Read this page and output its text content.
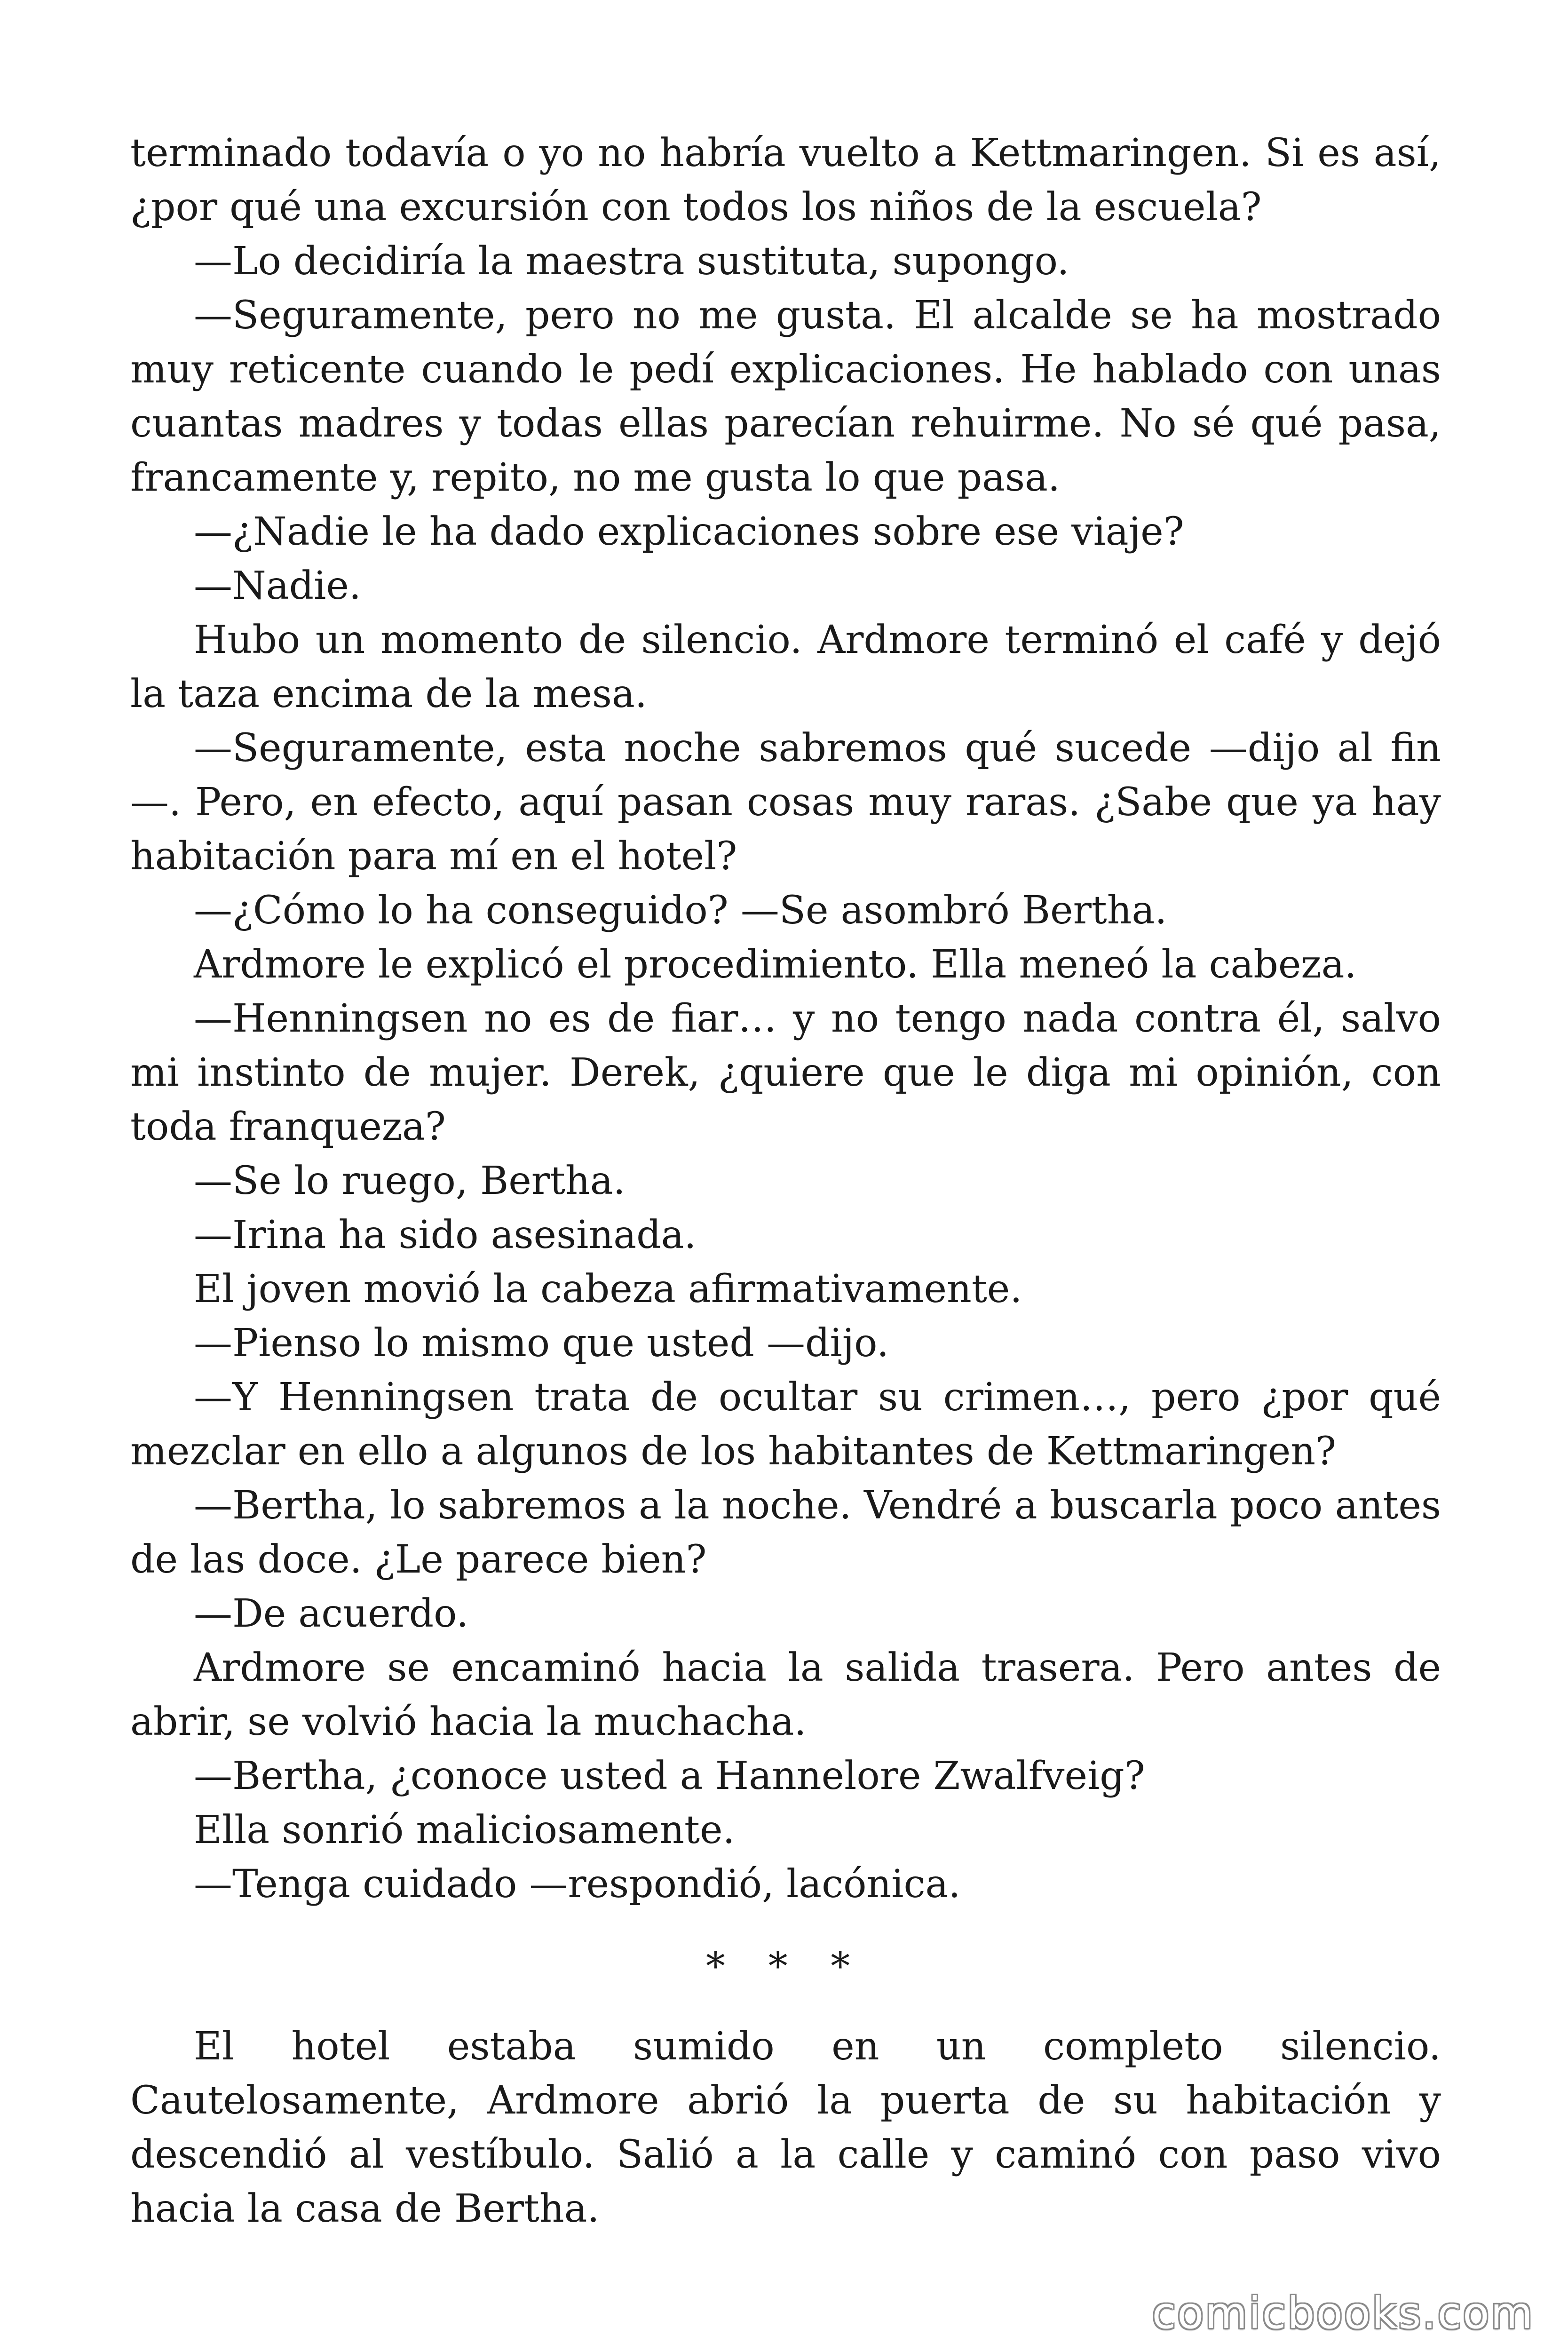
terminado todavía o yo no habría vuelto a Kettmaringen. Si es así, ¿por qué una excursión con todos los niños de la escuela?

—Lo decidiría la maestra sustituta, supongo.

—Seguramente, pero no me gusta. El alcalde se ha mostrado muy reticente cuando le pedí explicaciones. He hablado con unas cuantas madres y todas ellas parecían rehuirme. No sé qué pasa, francamente y, repito, no me gusta lo que pasa.

—¿Nadie le ha dado explicaciones sobre ese viaje?

—Nadie.

Hubo un momento de silencio. Ardmore terminó el café y dejó la taza encima de la mesa.

—Seguramente, esta noche sabremos qué sucede —dijo al fin—. Pero, en efecto, aquí pasan cosas muy raras. ¿Sabe que ya hay habitación para mí en el hotel?

—¿Cómo lo ha conseguido? —Se asombró Bertha.

Ardmore le explicó el procedimiento. Ella meneó la cabeza.

—Henningsen no es de fiar… y no tengo nada contra él, salvo mi instinto de mujer. Derek, ¿quiere que le diga mi opinión, con toda franqueza?

—Se lo ruego, Bertha.

—Irina ha sido asesinada.

El joven movió la cabeza afirmativamente.

—Pienso lo mismo que usted —dijo.

—Y Henningsen trata de ocultar su crimen…, pero ¿por qué mezclar en ello a algunos de los habitantes de Kettmaringen?

—Bertha, lo sabremos a la noche. Vendré a buscarla poco antes de las doce. ¿Le parece bien?

—De acuerdo.

Ardmore se encaminó hacia la salida trasera. Pero antes de abrir, se volvió hacia la muchacha.

—Bertha, ¿conoce usted a Hannelore Zwalfveig?

Ella sonrió maliciosamente.

—Tenga cuidado —respondió, lacónica.

* * *

El hotel estaba sumido en un completo silencio. Cautelosamente, Ardmore abrió la puerta de su habitación y descendió al vestíbulo. Salió a la calle y caminó con paso vivo hacia la casa de Bertha.

comicbooks.com
